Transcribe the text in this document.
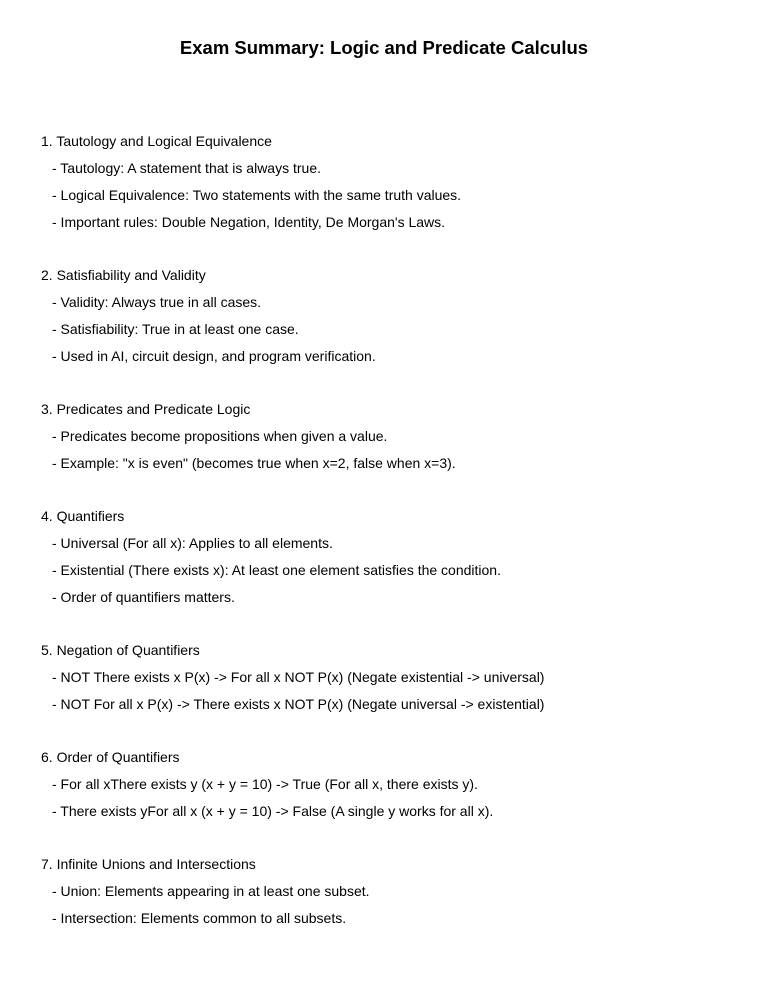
Exam Summary: Logic and Predicate Calculus

1. Tautology and Logical Equivalence

- Tautology: A statement that is always true.

- Logical Equivalence: Two statements with the same truth values.

- Important rules: Double Negation, Identity, De Morgan's Laws.

2. Satisfiability and Validity

- Validity: Always true in all cases.

- Satisfiability: True in at least one case.

- Used in AI, circuit design, and program verification.

3. Predicates and Predicate Logic

- Predicates become propositions when given a value.

- Example: "x is even" (becomes true when x=2, false when x=3).

4. Quantifiers

- Universal (For all x): Applies to all elements.

- Existential (There exists x): At least one element satisfies the condition.

- Order of quantifiers matters.

5. Negation of Quantifiers

- NOT There exists x P(x) -> For all x NOT P(x) (Negate existential -> universal)

- NOT For all x P(x) -> There exists x NOT P(x) (Negate universal -> existential)

6. Order of Quantifiers

- For all xThere exists y (x + y = 10) -> True (For all x, there exists y).

- There exists yFor all x (x + y = 10) -> False (A single y works for all x).

7. Infinite Unions and Intersections

- Union: Elements appearing in at least one subset.

- Intersection: Elements common to all subsets.
